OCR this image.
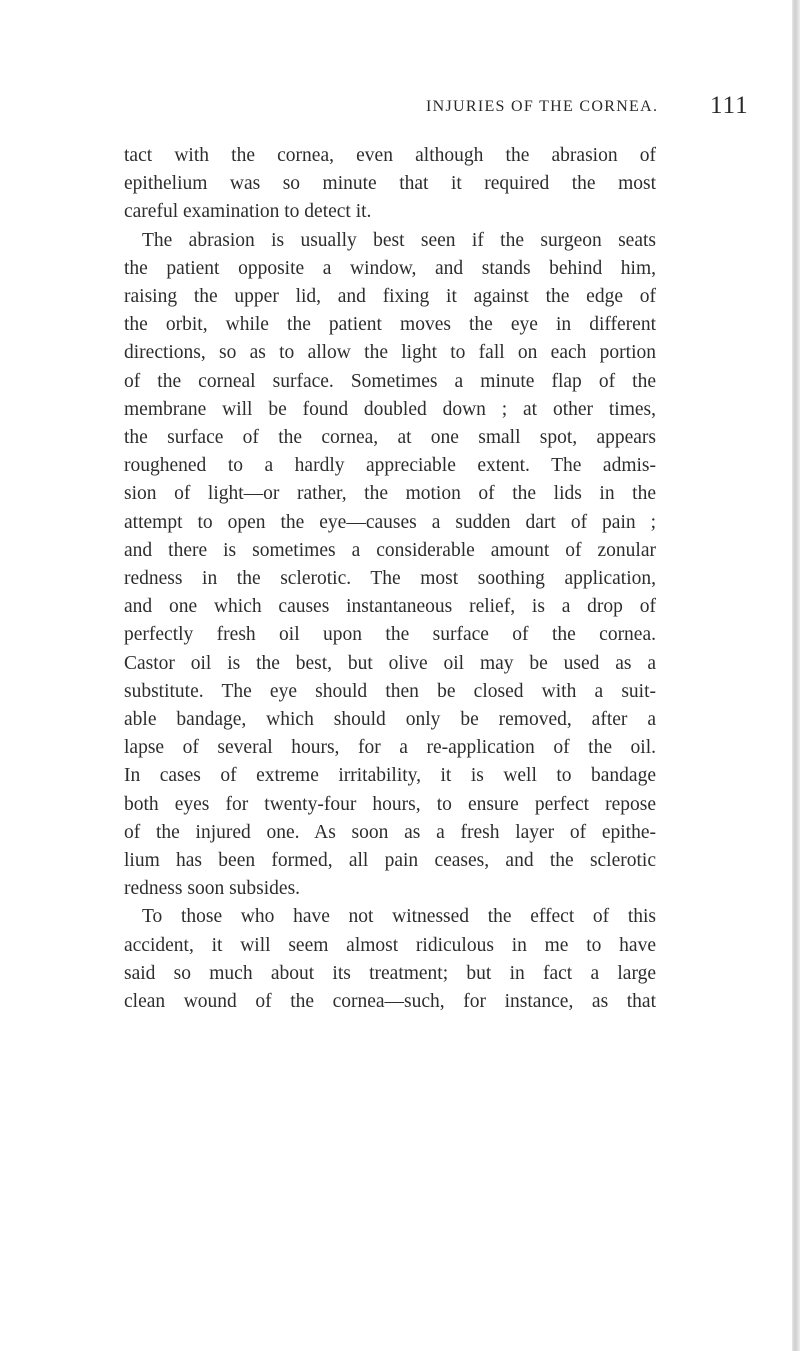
INJURIES OF THE CORNEA. 111

tact with the cornea, even although the abrasion of

epithelium was so minute that it required the most

careful examination to detect it.

The abrasion is usually best seen if the surgeon seats

the patient opposite a window, and stands behind him,

raising the upper lid, and fixing it against the edge of

the orbit, while the patient moves the eye in different

directions, so as to allow the light to fall on each portion

of the corneal surface. Sometimes a minute flap of the

membrane will be found doubled down ; at other times,

the surface of the cornea, at one small spot, appears

roughened to a hardly appreciable extent. The admis-

sion of light—or rather, the motion of the lids in the

attempt to open the eye—causes a sudden dart of pain ;

and there is sometimes a considerable amount of zonular

redness in the sclerotic. The most soothing application,

and one which causes instantaneous relief, is a drop of

perfectly fresh oil upon the surface of the cornea.

Castor oil is the best, but olive oil may be used as a

substitute. The eye should then be closed with a suit-

able bandage, which should only be removed, after a

lapse of several hours, for a re-application of the oil.

In cases of extreme irritability, it is well to bandage

both eyes for twenty-four hours, to ensure perfect repose

of the injured one. As soon as a fresh layer of epithe-

lium has been formed, all pain ceases, and the sclerotic

redness soon subsides.

To those who have not witnessed the effect of this

accident, it will seem almost ridiculous in me to have

said so much about its treatment; but in fact a large

clean wound of the cornea—such, for instance, as that
